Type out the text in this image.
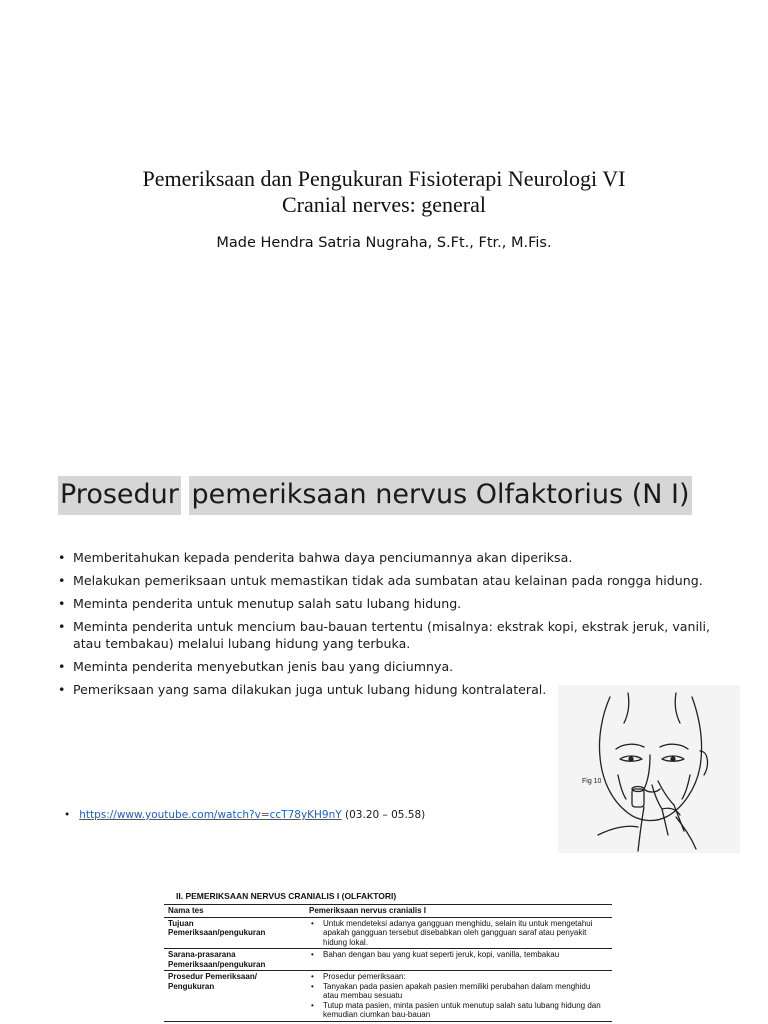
Pemeriksaan dan Pengukuran Fisioterapi Neurologi VI
Cranial nerves: general
Made Hendra Satria Nugraha, S.Ft., Ftr., M.Fis.
Prosedur pemeriksaan nervus Olfaktorius (N I)
• Memberitahukan kepada penderita bahwa daya penciumannya akan diperiksa.
• Melakukan pemeriksaan untuk memastikan tidak ada sumbatan atau kelainan pada rongga hidung.
• Meminta penderita untuk menutup salah satu lubang hidung.
• Meminta penderita untuk mencium bau-bauan tertentu (misalnya: ekstrak kopi, ekstrak jeruk, vanili, atau tembakau) melalui lubang hidung yang terbuka.
• Meminta penderita menyebutkan jenis bau yang diciumnya.
• Pemeriksaan yang sama dilakukan juga untuk lubang hidung kontralateral.
Fig 10
• https://www.youtube.com/watch?v=ccT78yKH9nY (03.20 – 05.58)
II. PEMERIKSAAN NERVUS CRANIALIS I (OLFAKTORI)
Nama tes	Pemeriksaan nervus cranialis I
Tujuan Pemeriksaan/pengukuran
• Untuk mendeteksi adanya gangguan menghidu, selain itu untuk mengetahui apakah gangguan tersebut disebabkan oleh gangguan saraf atau penyakit hidung lokal.
Sarana-prasarana Pemeriksaan/pengukuran
• Bahan dengan bau yang kuat seperti jeruk, kopi, vanilla, tembakau
Prosedur Pemeriksaan/ Pengukuran
• Prosedur pemeriksaan:
• Tanyakan pada pasien apakah pasien memiliki perubahan dalam menghidu atau membau sesuatu
• Tutup mata pasien, minta pasien untuk menutup salah satu lubang hidung dan kemudian ciumkan bau-bauan
